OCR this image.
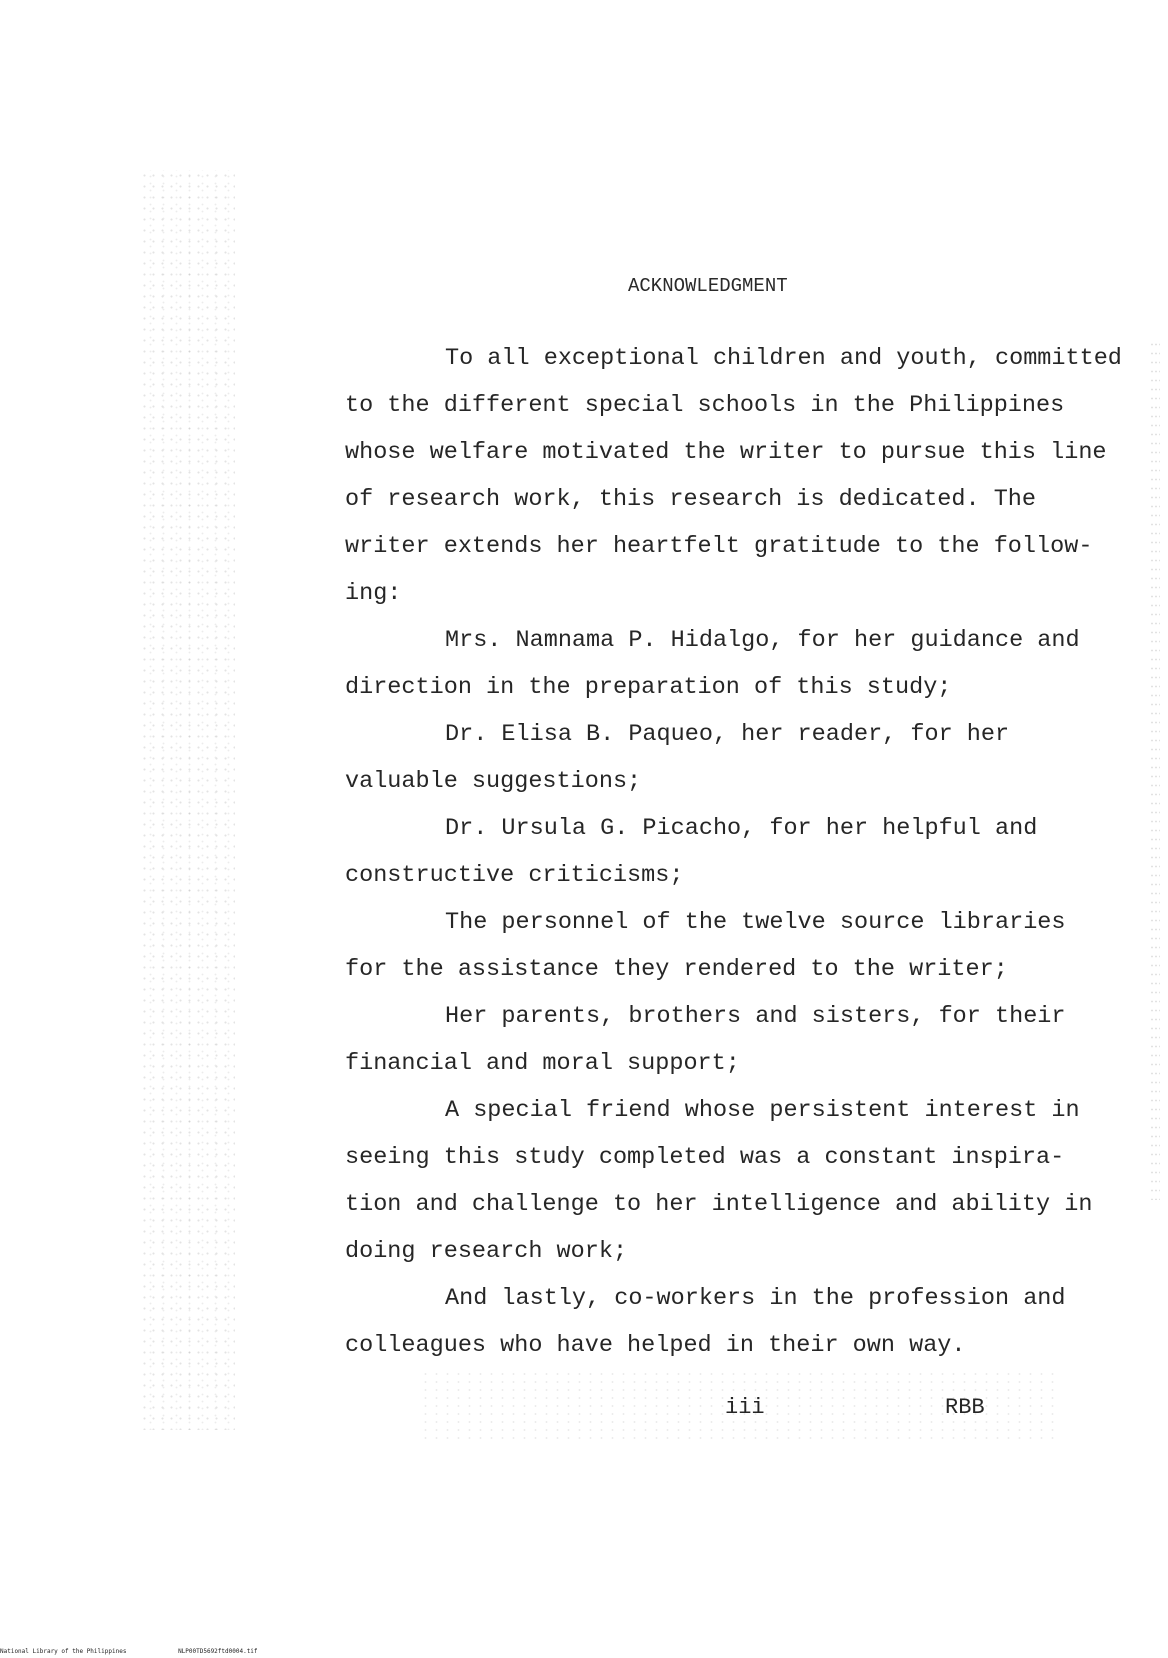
ACKNOWLEDGMENT
To all exceptional children and youth, committed
to the different special schools in the Philippines
whose welfare motivated the writer to pursue this line
of research work, this research is dedicated. The
writer extends her heartfelt gratitude to the follow-
ing:
Mrs. Namnama P. Hidalgo, for her guidance and
direction in the preparation of this study;
Dr. Elisa B. Paqueo, her reader, for her
valuable suggestions;
Dr. Ursula G. Picacho, for her helpful and
constructive criticisms;
The personnel of the twelve source libraries
for the assistance they rendered to the writer;
Her parents, brothers and sisters, for their
financial and moral support;
A special friend whose persistent interest in
seeing this study completed was a constant inspira-
tion and challenge to her intelligence and ability in
doing research work;
And lastly, co-workers in the profession and
colleagues who have helped in their own way.
iii	RBB
National Library of the Philippines	NLP00TD5692ftd0004.tif
